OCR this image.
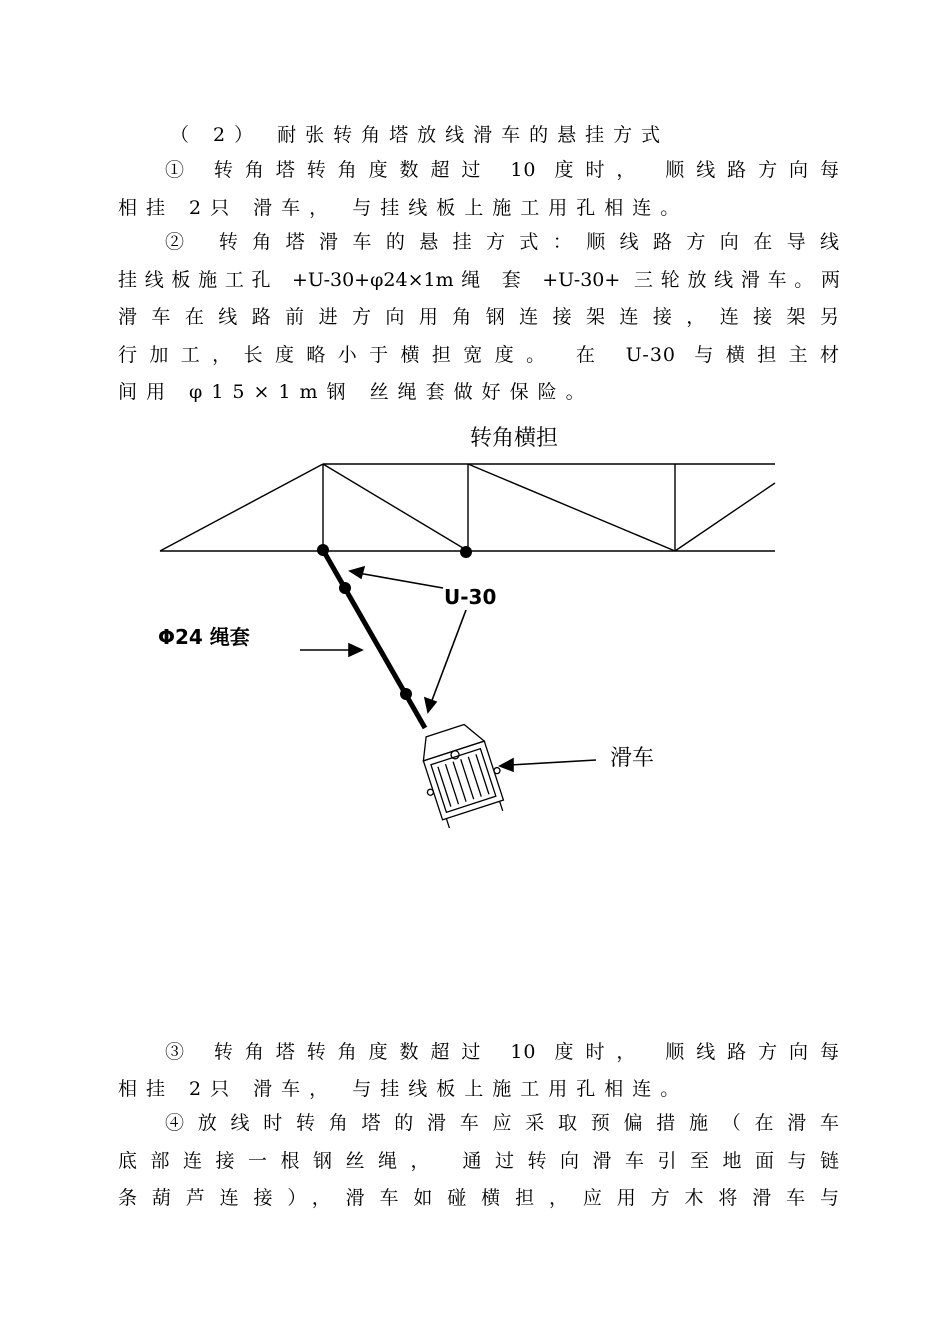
（ 2） 耐张转角塔放线滑车的悬挂方式
① 转角塔转角度数超过 10 度时， 顺线路方向每
相挂 2只 滑车， 与挂线板上施工用孔相连。
② 转角塔滑车的悬挂方式：顺线路方向在导线
挂线板施工孔 +U-30+φ24×1m绳 套 +U-30+ 三轮放线滑车。两
滑车在线路前进方向用角钢连接架连接，连接架另
行加工，长度略小于横担宽度。 在 U-30 与横担主材
间用 φ15×1m钢 丝绳套做好保险。
转角横担
U-30
Φ24 绳套
滑车
③ 转角塔转角度数超过 10 度时， 顺线路方向每
相挂 2只 滑车， 与挂线板上施工用孔相连。
④放线时转角塔的滑车应采取预偏措施（在滑车
底部连接一根钢丝绳， 通过转向滑车引至地面与链
条葫芦连接），滑车如碰横担，应用方木将滑车与
